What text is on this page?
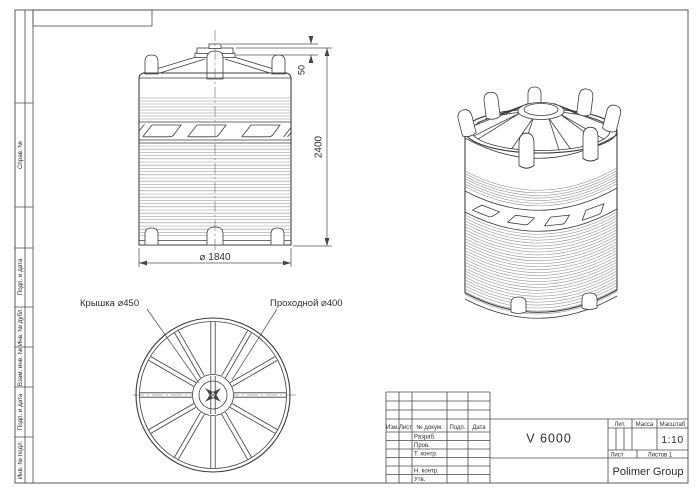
Справ. №
Подп. и дата
Инв. № дубл.
Взам. инв. №
Подп. и дата
Инв. № подл.
⌀ 1840
2400
50
Крышка ⌀450	Проходной ⌀400
Изм. Лист № докум. Подп. Дата
Разраб.
Пров.
Т. контр.
Н. контр.
Утв.
V 6000
Лит. Масса Масштаб
1:10
Лист	Листов 1
Polimer Group
